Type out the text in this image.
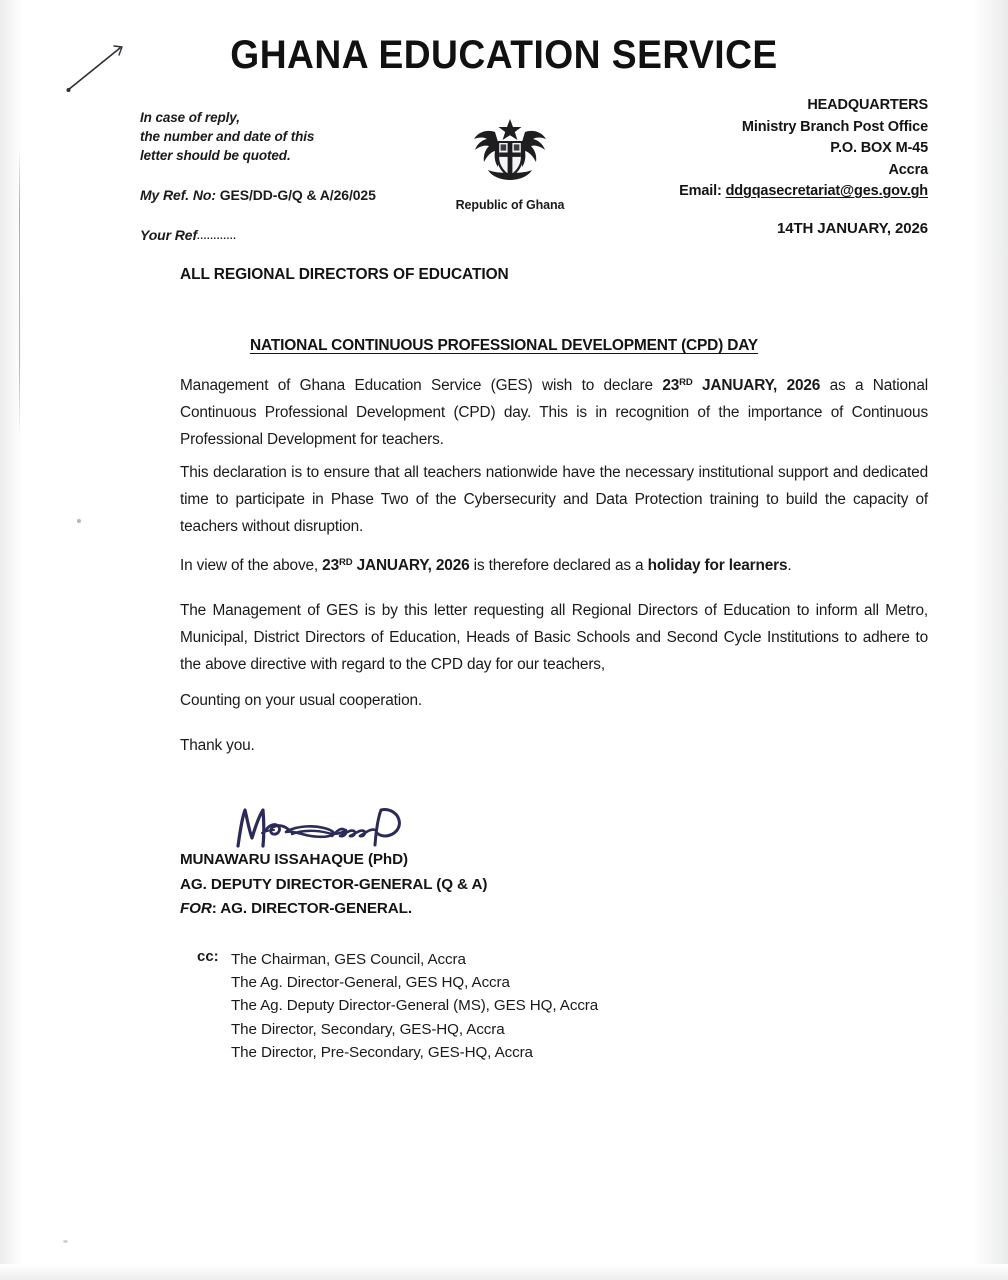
GHANA EDUCATION SERVICE
In case of reply,
the number and date of this
letter should be quoted.
My Ref. No: GES/DD-G/Q & A/26/025
Your Ref............
Republic of Ghana
HEADQUARTERS
Ministry Branch Post Office
P.O. BOX M-45
Accra
Email: ddgqasecretariat@ges.gov.gh
14TH JANUARY, 2026
ALL REGIONAL DIRECTORS OF EDUCATION
NATIONAL CONTINUOUS PROFESSIONAL DEVELOPMENT (CPD) DAY
Management of Ghana Education Service (GES) wish to declare 23RD JANUARY, 2026 as a National Continuous Professional Development (CPD) day. This is in recognition of the importance of Continuous Professional Development for teachers.
This declaration is to ensure that all teachers nationwide have the necessary institutional support and dedicated time to participate in Phase Two of the Cybersecurity and Data Protection training to build the capacity of teachers without disruption.
In view of the above, 23RD JANUARY, 2026 is therefore declared as a holiday for learners.
The Management of GES is by this letter requesting all Regional Directors of Education to inform all Metro, Municipal, District Directors of Education, Heads of Basic Schools and Second Cycle Institutions to adhere to the above directive with regard to the CPD day for our teachers,
Counting on your usual cooperation.
Thank you.
MUNAWARU ISSAHAQUE (PhD)
AG. DEPUTY DIRECTOR-GENERAL (Q & A)
FOR: AG. DIRECTOR-GENERAL.
cc: The Chairman, GES Council, Accra
The Ag. Director-General, GES HQ, Accra
The Ag. Deputy Director-General (MS), GES HQ, Accra
The Director, Secondary, GES-HQ, Accra
The Director, Pre-Secondary, GES-HQ, Accra
